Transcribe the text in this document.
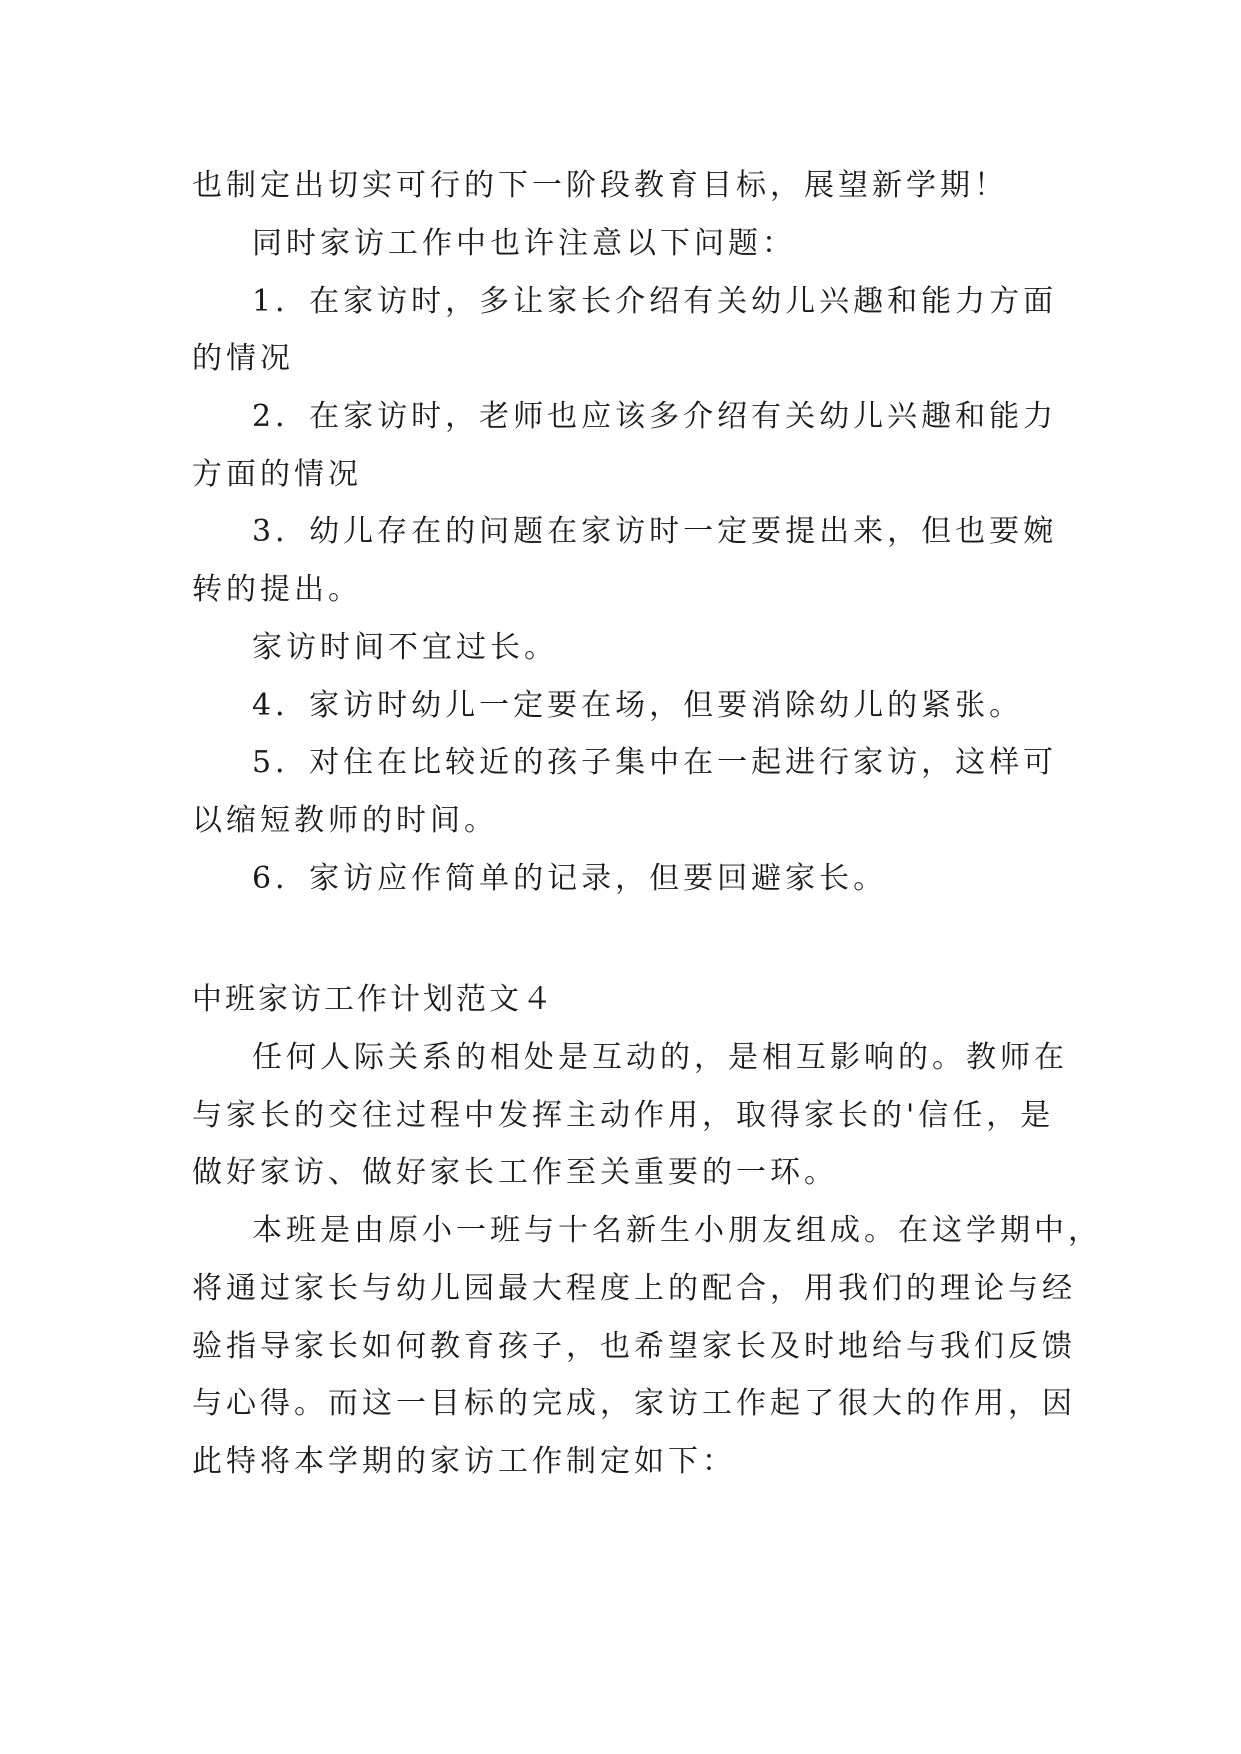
也制定出切实可行的下一阶段教育目标，展望新学期！
同时家访工作中也许注意以下问题：
1．在家访时，多让家长介绍有关幼儿兴趣和能力方面
的情况
2．在家访时，老师也应该多介绍有关幼儿兴趣和能力
方面的情况
3．幼儿存在的问题在家访时一定要提出来，但也要婉
转的提出。
家访时间不宜过长。
4．家访时幼儿一定要在场，但要消除幼儿的紧张。
5．对住在比较近的孩子集中在一起进行家访，这样可
以缩短教师的时间。
6．家访应作简单的记录，但要回避家长。
中班家访工作计划范文４
任何人际关系的相处是互动的，是相互影响的。教师在
与家长的交往过程中发挥主动作用，取得家长的'信任，是
做好家访、做好家长工作至关重要的一环。
本班是由原小一班与十名新生小朋友组成。在这学期中，
将通过家长与幼儿园最大程度上的配合，用我们的理论与经
验指导家长如何教育孩子，也希望家长及时地给与我们反馈
与心得。而这一目标的完成，家访工作起了很大的作用，因
此特将本学期的家访工作制定如下：
